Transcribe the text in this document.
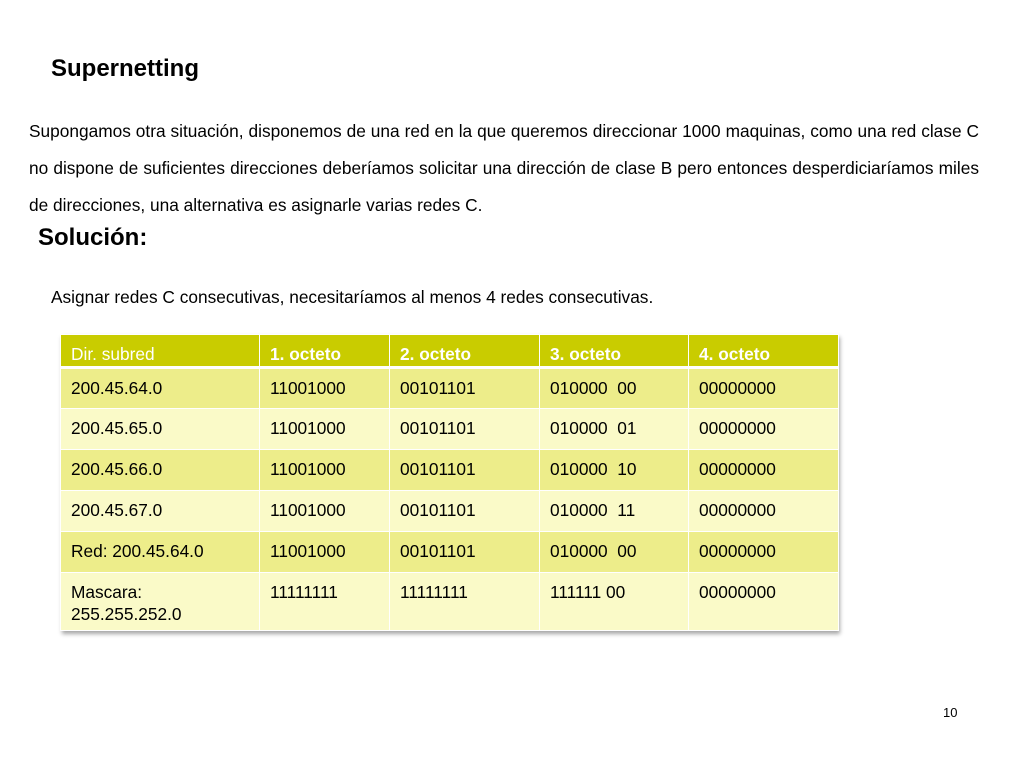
Supernetting

Supongamos otra situación, disponemos de una red en la que queremos direccionar 1000 maquinas, como una red clase C no dispone de suficientes direcciones deberíamos solicitar una dirección de clase B pero entonces desperdiciaríamos miles de direcciones, una alternativa es asignarle varias redes C.

Solución:

Asignar redes C consecutivas, necesitaríamos al menos 4 redes consecutivas.

Dir. subred	1. octeto	2. octeto	3. octeto	4. octeto
200.45.64.0	11001000	00101101	010000  00	00000000
200.45.65.0	11001000	00101101	010000  01	00000000
200.45.66.0	11001000	00101101	010000  10	00000000
200.45.67.0	11001000	00101101	010000  11	00000000
Red: 200.45.64.0	11001000	00101101	010000  00	00000000
Mascara: 255.255.252.0	11111111	11111111	111111 00	00000000

10
